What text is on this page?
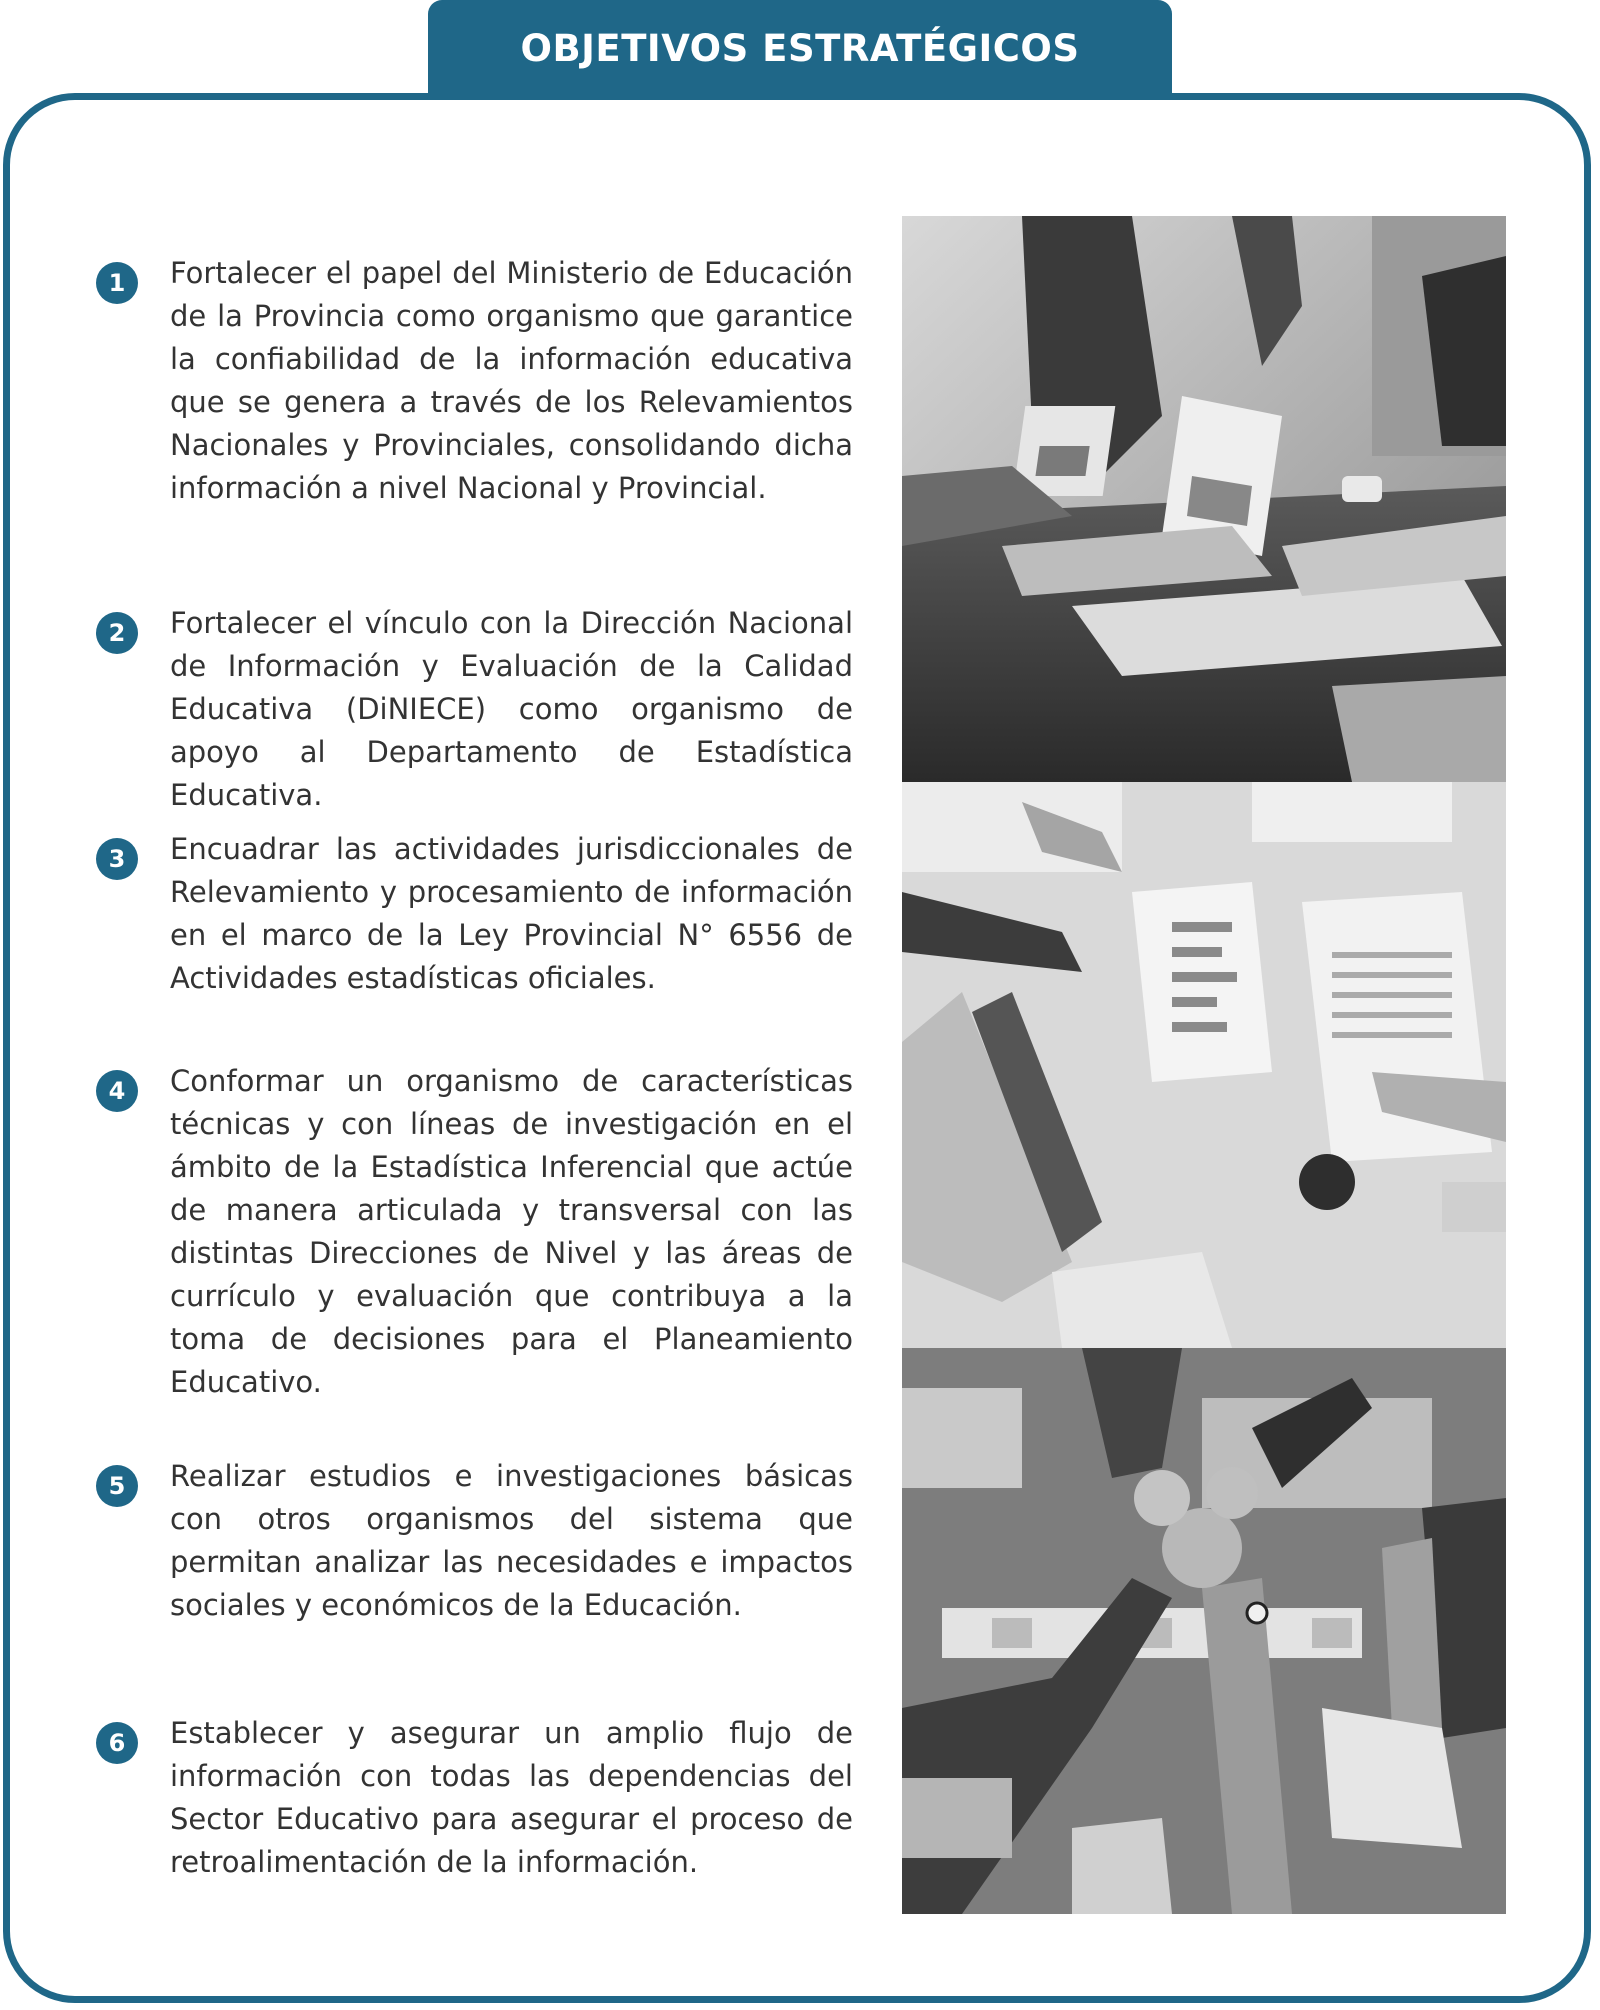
OBJETIVOS ESTRATÉGICOS
1	Fortalecer el papel del Ministerio de Educación de la Provincia como organismo que garantice la confiabilidad de la información educativa que se genera a través de los Relevamientos Nacionales y Provinciales, consolidando dicha información a nivel Nacional y Provincial.
2	Fortalecer el vínculo con la Dirección Nacional de Información y Evaluación de la Calidad Educativa (DiNIECE) como organismo de apoyo al Departamento de Estadística Educativa.
3	Encuadrar las actividades jurisdiccionales de Relevamiento y procesamiento de información en el marco de la Ley Provincial N° 6556 de Actividades estadísticas oficiales.
4	Conformar un organismo de características técnicas y con líneas de investigación en el ámbito de la Estadística Inferencial que actúe de manera articulada y transversal con las distintas Direcciones de Nivel y las áreas de currículo y evaluación que contribuya a la toma de decisiones para el Planeamiento Educativo.
5	Realizar estudios e investigaciones básicas con otros organismos del sistema que permitan analizar las necesidades e impactos sociales y económicos de la Educación.
6	Establecer y asegurar un amplio flujo de información con todas las dependencias del Sector Educativo para asegurar el proceso de retroalimentación de la información.
